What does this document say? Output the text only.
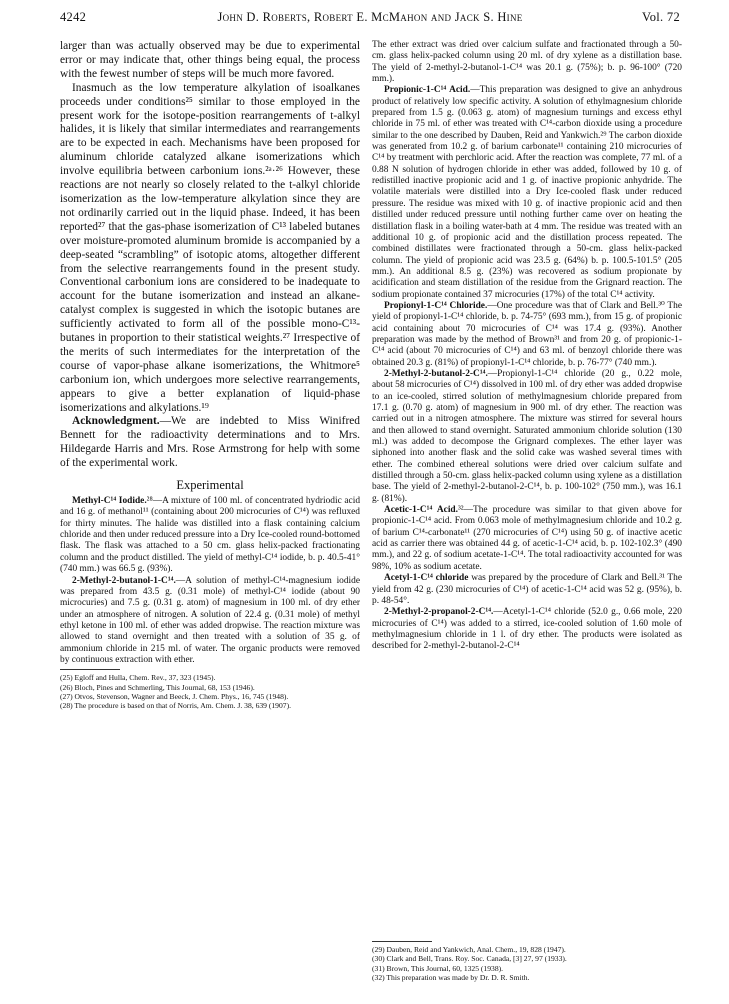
4242	John D. Roberts, Robert E. McMahon and Jack S. Hine	Vol. 72

larger than was actually observed may be due to experimental error or may indicate that, other things being equal, the process with the fewest number of steps will be much more favored.

Inasmuch as the low temperature alkylation of isoalkanes proceeds under conditions²⁵ similar to those employed in the present work for the isotope-position rearrangements of t-alkyl halides, it is likely that similar intermediates and rearrangements are to be expected in each. Mechanisms have been proposed for aluminum chloride catalyzed alkane isomerizations which involve equilibria between carbonium ions.²ᵃ·²⁶ However, these reactions are not nearly so closely related to the t-alkyl chloride isomerization as the low-temperature alkylation since they are not ordinarily carried out in the liquid phase. Indeed, it has been reported²⁷ that the gas-phase isomerization of C¹³ labeled butanes over moisture-promoted aluminum bromide is accompanied by a deep-seated “scrambling” of isotopic atoms, altogether different from the selective rearrangements found in the present study. Conventional carbonium ions are considered to be inadequate to account for the butane isomerization and instead an alkane-catalyst complex is suggested in which the isotopic butanes are sufficiently activated to form all of the possible mono-C¹³-butanes in proportion to their statistical weights.²⁷ Irrespective of the merits of such intermediates for the interpretation of the course of vapor-phase alkane isomerizations, the Whitmore⁵ carbonium ion, which undergoes more selective rearrangements, appears to give a better explanation of liquid-phase isomerizations and alkylations.¹⁹

Acknowledgment.—We are indebted to Miss Winifred Bennett for the radioactivity determinations and to Mrs. Hildegarde Harris and Mrs. Rose Armstrong for help with some of the experimental work.

Experimental

Methyl-C¹⁴ Iodide.²⁸—A mixture of 100 ml. of concentrated hydriodic acid and 16 g. of methanol¹¹ (containing about 200 microcuries of C¹⁴) was refluxed for thirty minutes. The halide was distilled into a flask containing calcium chloride and then under reduced pressure into a Dry Ice-cooled round-bottomed flask. The flask was attached to a 50 cm. glass helix-packed fractionating column and the product distilled. The yield of methyl-C¹⁴ iodide, b. p. 40.5-41° (740 mm.) was 66.5 g. (93%).

2-Methyl-2-butanol-1-C¹⁴.—A solution of methyl-C¹⁴-magnesium iodide was prepared from 43.5 g. (0.31 mole) of methyl-C¹⁴ iodide (about 90 microcuries) and 7.5 g. (0.31 g. atom) of magnesium in 100 ml. of dry ether under an atmosphere of nitrogen. A solution of 22.4 g. (0.31 mole) of methyl ethyl ketone in 100 ml. of ether was added dropwise. The reaction mixture was allowed to stand overnight and then treated with a solution of 35 g. of ammonium chloride in 215 ml. of water. The organic products were removed by continuous extraction with ether.

(25) Egloff and Hulla, Chem. Rev., 37, 323 (1945).

(26) Bloch, Pines and Schmerling, This Journal, 68, 153 (1946).

(27) Otvos, Stevenson, Wagner and Beeck, J. Chem. Phys., 16, 745 (1948).

(28) The procedure is based on that of Norris, Am. Chem. J. 38, 639 (1907).

The ether extract was dried over calcium sulfate and fractionated through a 50-cm. glass helix-packed column using 20 ml. of dry xylene as a distillation base. The yield of 2-methyl-2-butanol-1-C¹⁴ was 20.1 g. (75%); b. p. 96-100° (720 mm.).

Propionic-1-C¹⁴ Acid.—This preparation was designed to give an anhydrous product of relatively low specific activity. A solution of ethylmagnesium chloride prepared from 1.5 g. (0.063 g. atom) of magnesium turnings and excess ethyl chloride in 75 ml. of ether was treated with C¹⁴-carbon dioxide using a procedure similar to the one described by Dauben, Reid and Yankwich.²⁹ The carbon dioxide was generated from 10.2 g. of barium carbonate¹¹ containing 210 microcuries of C¹⁴ by treatment with perchloric acid. After the reaction was complete, 77 ml. of a 0.88 N solution of hydrogen chloride in ether was added, followed by 10 g. of redistilled inactive propionic acid and 1 g. of inactive propionic anhydride. The volatile materials were distilled into a Dry Ice-cooled flask under reduced pressure. The residue was mixed with 10 g. of inactive propionic acid and then distilled under reduced pressure until nothing further came over on heating the distillation flask in a boiling water-bath at 4 mm. The residue was treated with an additional 10 g. of propionic acid and the distillation process repeated. The combined distillates were fractionated through a 50-cm. glass helix-packed column. The yield of propionic acid was 23.5 g. (64%) b. p. 100.5-101.5° (205 mm.). An additional 8.5 g. (23%) was recovered as sodium propionate by acidification and steam distillation of the residue from the Grignard reaction. The sodium propionate contained 37 microcuries (17%) of the total C¹⁴ activity.

Propionyl-1-C¹⁴ Chloride.—One procedure was that of Clark and Bell.³⁰ The yield of propionyl-1-C¹⁴ chloride, b. p. 74-75° (693 mm.), from 15 g. of propionic acid containing about 70 microcuries of C¹⁴ was 17.4 g. (93%). Another preparation was made by the method of Brown³¹ and from 20 g. of propionic-1-C¹⁴ acid (about 70 microcuries of C¹⁴) and 63 ml. of benzoyl chloride there was obtained 20.3 g. (81%) of propionyl-1-C¹⁴ chloride, b. p. 76-77° (740 mm.).

2-Methyl-2-butanol-2-C¹⁴.—Propionyl-1-C¹⁴ chloride (20 g., 0.22 mole, about 58 microcuries of C¹⁴) dissolved in 100 ml. of dry ether was added dropwise to an ice-cooled, stirred solution of methylmagnesium chloride prepared from 17.1 g. (0.70 g. atom) of magnesium in 900 ml. of dry ether. The reaction was carried out in a nitrogen atmosphere. The mixture was stirred for several hours and then allowed to stand overnight. Saturated ammonium chloride solution (130 ml.) was added to decompose the Grignard complexes. The ether layer was siphoned into another flask and the solid cake was washed several times with ether. The combined ethereal solutions were dried over calcium sulfate and distilled through a 50-cm. glass helix-packed column using xylene as a distillation base. The yield of 2-methyl-2-butanol-2-C¹⁴, b. p. 100-102° (750 mm.), was 16.1 g. (81%).

Acetic-1-C¹⁴ Acid.³²—The procedure was similar to that given above for propionic-1-C¹⁴ acid. From 0.063 mole of methylmagnesium chloride and 10.2 g. of barium C¹⁴-carbonate¹¹ (270 microcuries of C¹⁴) using 50 g. of inactive acetic acid as carrier there was obtained 44 g. of acetic-1-C¹⁴ acid, b. p. 102-102.3° (490 mm.), and 22 g. of sodium acetate-1-C¹⁴. The total radioactivity accounted for was 98%, 10% as sodium acetate.

Acetyl-1-C¹⁴ chloride was prepared by the procedure of Clark and Bell.³¹ The yield from 42 g. (230 microcuries of C¹⁴) of acetic-1-C¹⁴ acid was 52 g. (95%), b. p. 48-54°.

2-Methyl-2-propanol-2-C¹⁴.—Acetyl-1-C¹⁴ chloride (52.0 g., 0.66 mole, 220 microcuries of C¹⁴) was added to a stirred, ice-cooled solution of 1.60 mole of methylmagnesium chloride in 1 l. of dry ether. The products were isolated as described for 2-methyl-2-butanol-2-C¹⁴

(29) Dauben, Reid and Yankwich, Anal. Chem., 19, 828 (1947).

(30) Clark and Bell, Trans. Roy. Soc. Canada, [3] 27, 97 (1933).

(31) Brown, This Journal, 60, 1325 (1938).

(32) This preparation was made by Dr. D. R. Smith.
